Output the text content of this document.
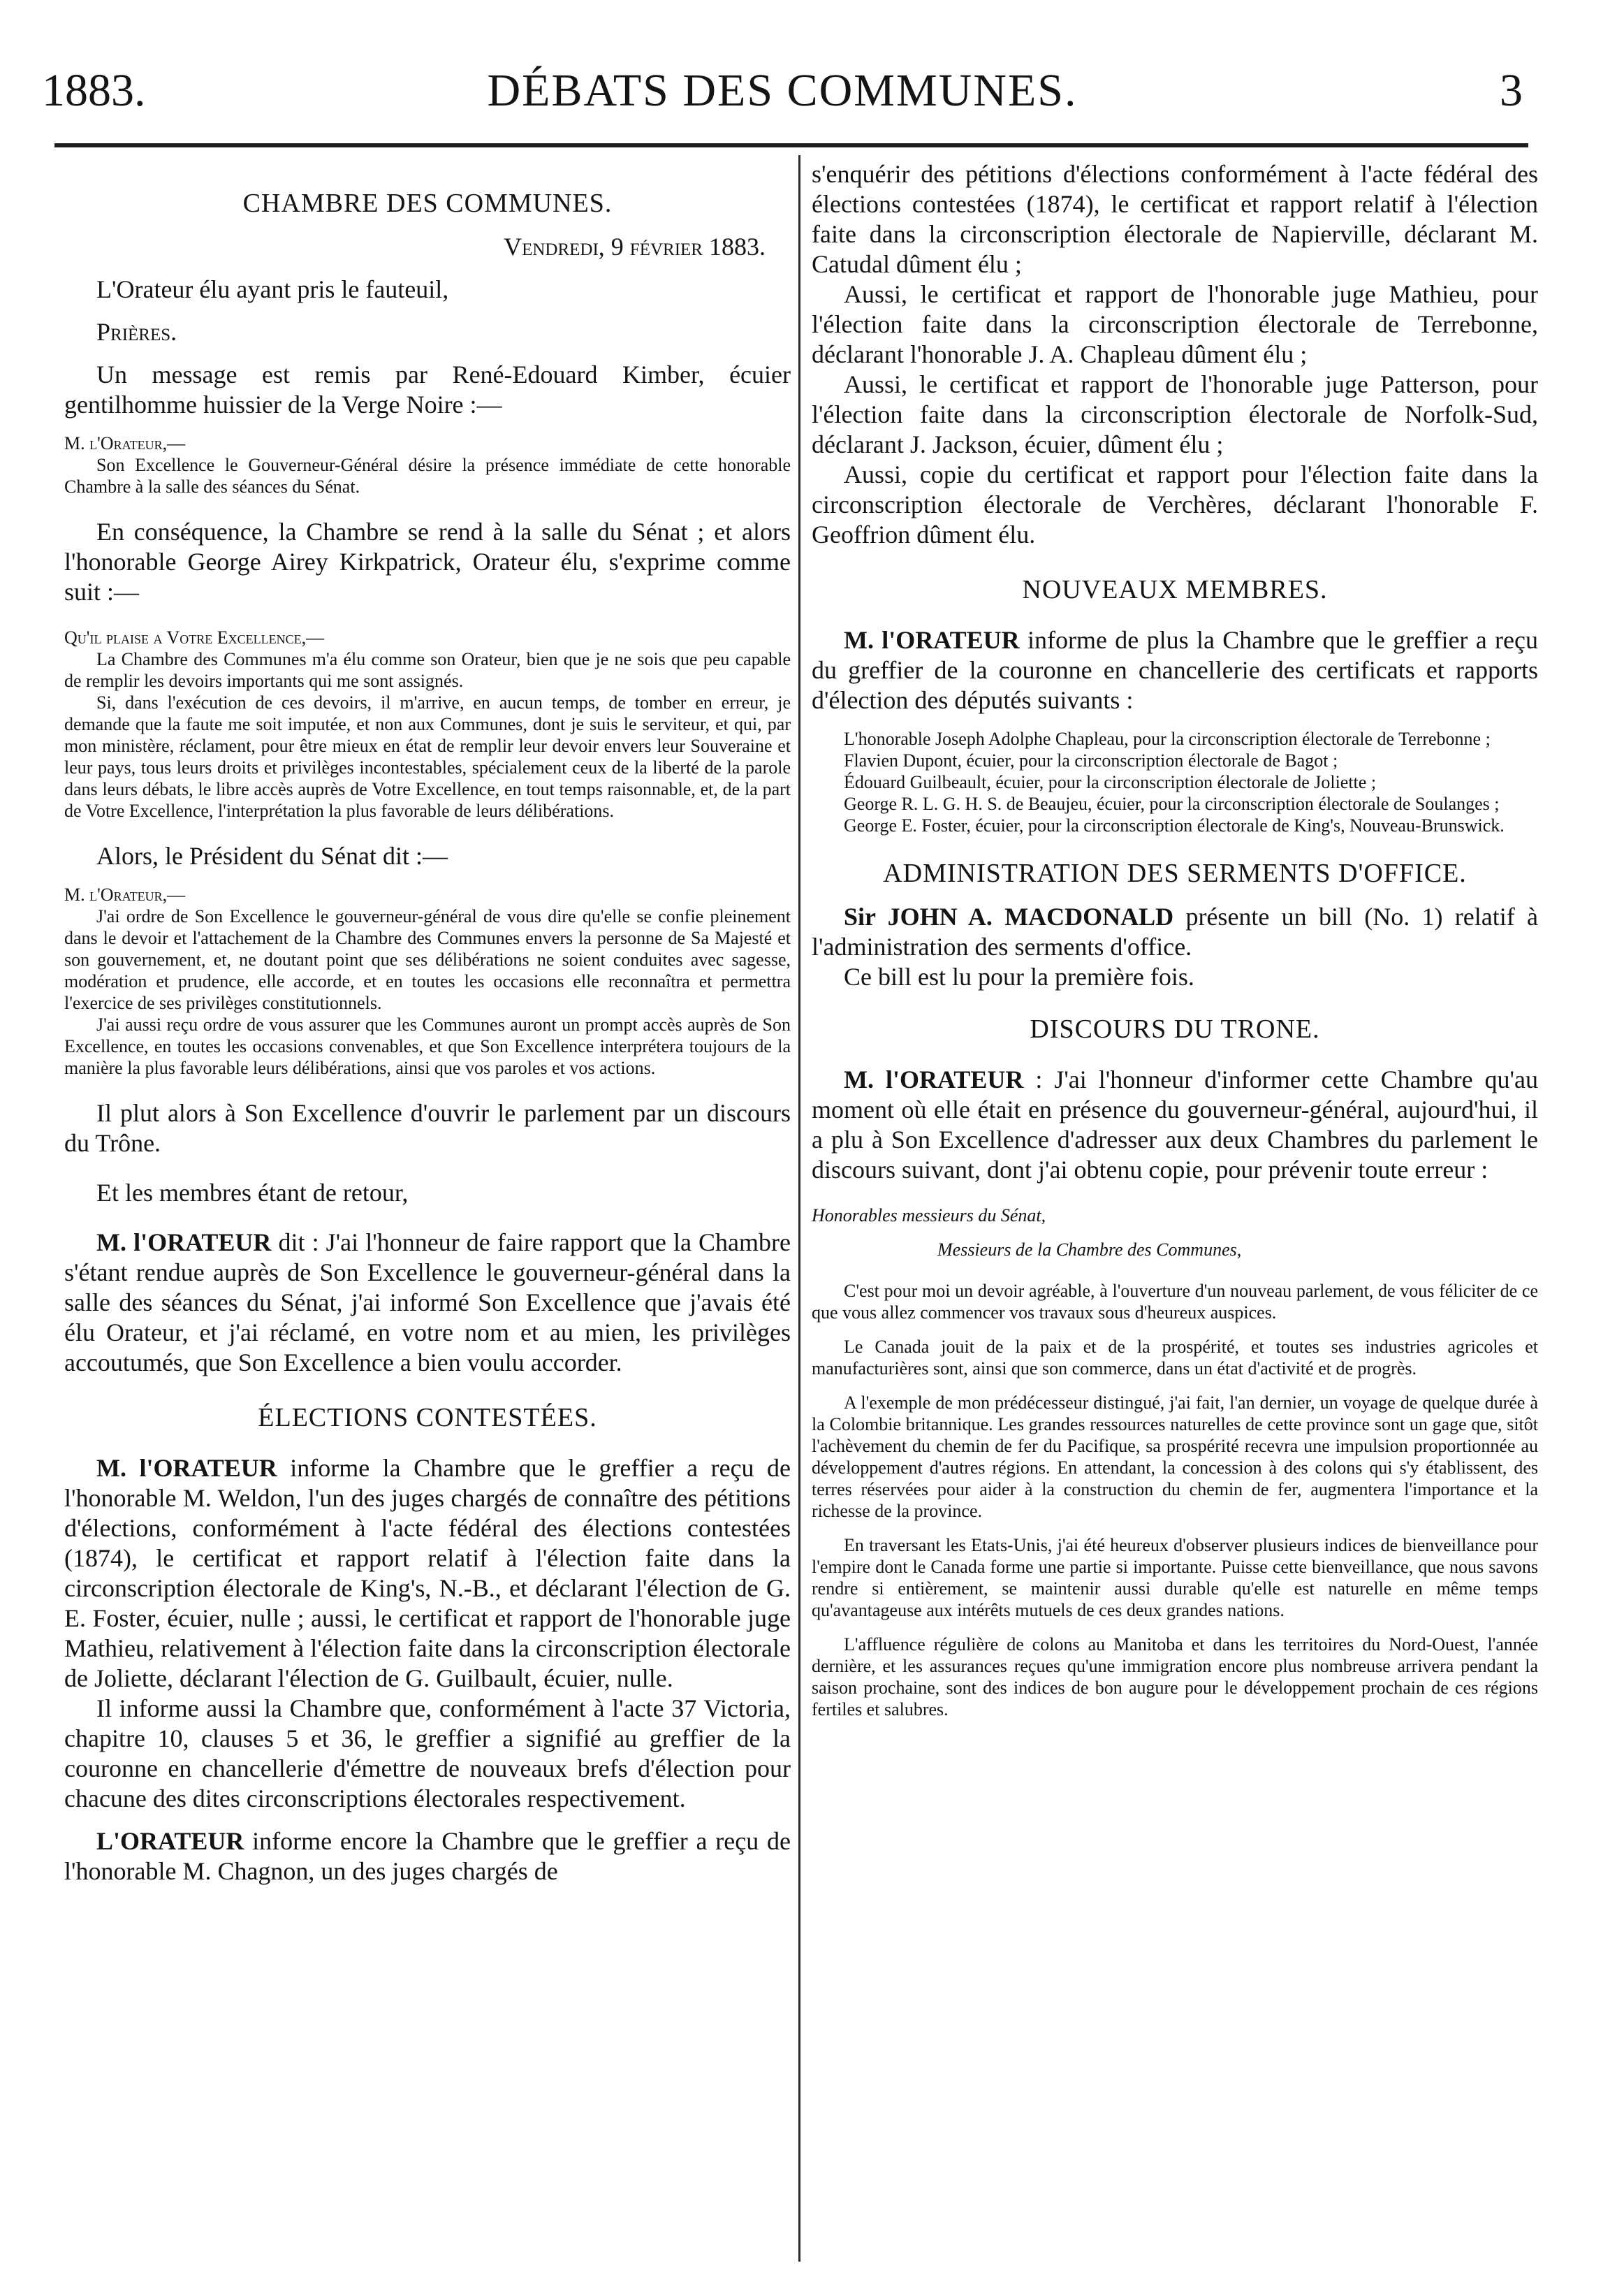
1883.	DÉBATS DES COMMUNES.	3
CHAMBRE DES COMMUNES.

Vendredi, 9 février 1883.

L'Orateur élu ayant pris le fauteuil,

Prières.

Un message est remis par René-Edouard Kimber, écuier gentilhomme huissier de la Verge Noire :—

M. l'Orateur,—

Son Excellence le Gouverneur-Général désire la présence immédiate de cette honorable Chambre à la salle des séances du Sénat.

En conséquence, la Chambre se rend à la salle du Sénat ; et alors l'honorable George Airey Kirkpatrick, Orateur élu, s'exprime comme suit :—

Qu'il plaise a Votre Excellence,—

La Chambre des Communes m'a élu comme son Orateur, bien que je ne sois que peu capable de remplir les devoirs importants qui me sont assignés.

Si, dans l'exécution de ces devoirs, il m'arrive, en aucun temps, de tomber en erreur, je demande que la faute me soit imputée, et non aux Communes, dont je suis le serviteur, et qui, par mon ministère, réclament, pour être mieux en état de remplir leur devoir envers leur Souveraine et leur pays, tous leurs droits et privilèges incontestables, spécialement ceux de la liberté de la parole dans leurs débats, le libre accès auprès de Votre Excellence, en tout temps raisonnable, et, de la part de Votre Excellence, l'interprétation la plus favorable de leurs délibérations.

Alors, le Président du Sénat dit :—

M. l'Orateur,—

J'ai ordre de Son Excellence le gouverneur-général de vous dire qu'elle se confie pleinement dans le devoir et l'attachement de la Chambre des Communes envers la personne de Sa Majesté et son gouvernement, et, ne doutant point que ses délibérations ne soient conduites avec sagesse, modération et prudence, elle accorde, et en toutes les occasions elle reconnaîtra et permettra l'exercice de ses privilèges constitutionnels.

J'ai aussi reçu ordre de vous assurer que les Communes auront un prompt accès auprès de Son Excellence, en toutes les occasions convenables, et que Son Excellence interprétera toujours de la manière la plus favorable leurs délibérations, ainsi que vos paroles et vos actions.

Il plut alors à Son Excellence d'ouvrir le parlement par un discours du Trône.

Et les membres étant de retour,

M. l'ORATEUR dit : J'ai l'honneur de faire rapport que la Chambre s'étant rendue auprès de Son Excellence le gouverneur-général dans la salle des séances du Sénat, j'ai informé Son Excellence que j'avais été élu Orateur, et j'ai réclamé, en votre nom et au mien, les privilèges accoutumés, que Son Excellence a bien voulu accorder.

ÉLECTIONS CONTESTÉES.

M. l'ORATEUR informe la Chambre que le greffier a reçu de l'honorable M. Weldon, l'un des juges chargés de connaître des pétitions d'élections, conformément à l'acte fédéral des élections contestées (1874), le certificat et rapport relatif à l'élection faite dans la circonscription électorale de King's, N.-B., et déclarant l'élection de G. E. Foster, écuier, nulle ; aussi, le certificat et rapport de l'honorable juge Mathieu, relativement à l'élection faite dans la circonscription électorale de Joliette, déclarant l'élection de G. Guilbault, écuier, nulle.

Il informe aussi la Chambre que, conformément à l'acte 37 Victoria, chapitre 10, clauses 5 et 36, le greffier a signifié au greffier de la couronne en chancellerie d'émettre de nouveaux brefs d'élection pour chacune des dites circonscriptions électorales respectivement.

L'ORATEUR informe encore la Chambre que le greffier a reçu de l'honorable M. Chagnon, un des juges chargés de

s'enquérir des pétitions d'élections conformément à l'acte fédéral des élections contestées (1874), le certificat et rapport relatif à l'élection faite dans la circonscription électorale de Napierville, déclarant M. Catudal dûment élu ;

Aussi, le certificat et rapport de l'honorable juge Mathieu, pour l'élection faite dans la circonscription électorale de Terrebonne, déclarant l'honorable J. A. Chapleau dûment élu ;

Aussi, le certificat et rapport de l'honorable juge Patterson, pour l'élection faite dans la circonscription électorale de Norfolk-Sud, déclarant J. Jackson, écuier, dûment élu ;

Aussi, copie du certificat et rapport pour l'élection faite dans la circonscription électorale de Verchères, déclarant l'honorable F. Geoffrion dûment élu.

NOUVEAUX MEMBRES.

M. l'ORATEUR informe de plus la Chambre que le greffier a reçu du greffier de la couronne en chancellerie des certificats et rapports d'élection des députés suivants :

L'honorable Joseph Adolphe Chapleau, pour la circonscription électorale de Terrebonne ;

Flavien Dupont, écuier, pour la circonscription électorale de Bagot ;

Édouard Guilbeault, écuier, pour la circonscription électorale de Joliette ;

George R. L. G. H. S. de Beaujeu, écuier, pour la circonscription électorale de Soulanges ;

George E. Foster, écuier, pour la circonscription électorale de King's, Nouveau-Brunswick.

ADMINISTRATION DES SERMENTS D'OFFICE.

Sir JOHN A. MACDONALD présente un bill (No. 1) relatif à l'administration des serments d'office.

Ce bill est lu pour la première fois.

DISCOURS DU TRONE.

M. l'ORATEUR : J'ai l'honneur d'informer cette Chambre qu'au moment où elle était en présence du gouverneur-général, aujourd'hui, il a plu à Son Excellence d'adresser aux deux Chambres du parlement le discours suivant, dont j'ai obtenu copie, pour prévenir toute erreur :

Honorables messieurs du Sénat,

Messieurs de la Chambre des Communes,

C'est pour moi un devoir agréable, à l'ouverture d'un nouveau parlement, de vous féliciter de ce que vous allez commencer vos travaux sous d'heureux auspices.

Le Canada jouit de la paix et de la prospérité, et toutes ses industries agricoles et manufacturières sont, ainsi que son commerce, dans un état d'activité et de progrès.

A l'exemple de mon prédécesseur distingué, j'ai fait, l'an dernier, un voyage de quelque durée à la Colombie britannique. Les grandes ressources naturelles de cette province sont un gage que, sitôt l'achèvement du chemin de fer du Pacifique, sa prospérité recevra une impulsion proportionnée au développement d'autres régions. En attendant, la concession à des colons qui s'y établissent, des terres réservées pour aider à la construction du chemin de fer, augmentera l'importance et la richesse de la province.

En traversant les Etats-Unis, j'ai été heureux d'observer plusieurs indices de bienveillance pour l'empire dont le Canada forme une partie si importante. Puisse cette bienveillance, que nous savons rendre si entièrement, se maintenir aussi durable qu'elle est naturelle en même temps qu'avantageuse aux intérêts mutuels de ces deux grandes nations.

L'affluence régulière de colons au Manitoba et dans les territoires du Nord-Ouest, l'année dernière, et les assurances reçues qu'une immigration encore plus nombreuse arrivera pendant la saison prochaine, sont des indices de bon augure pour le développement prochain de ces régions fertiles et salubres.
